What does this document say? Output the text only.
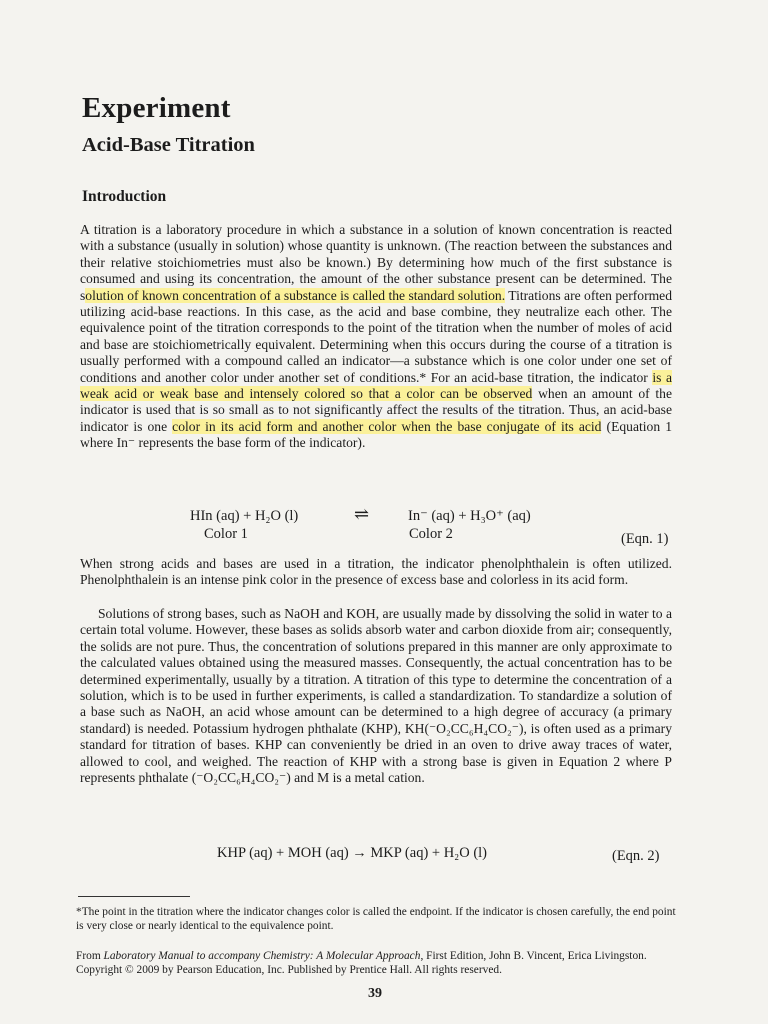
Experiment
Acid-Base Titration
Introduction

A titration is a laboratory procedure in which a substance in a solution of known concentration is reacted with a substance (usually in solution) whose quantity is unknown. (The reaction between the substances and their relative stoichiometries must also be known.) By determining how much of the first substance is consumed and using its concentration, the amount of the other substance present can be determined. The solution of known concentration of a substance is called the standard solution. Titrations are often performed utilizing acid-base reactions. In this case, as the acid and base combine, they neutralize each other. The equivalence point of the titration corresponds to the point of the titration when the number of moles of acid and base are stoichiometrically equivalent. Determining when this occurs during the course of a titration is usually performed with a compound called an indicator—a substance which is one color under one set of conditions and another color under another set of conditions.* For an acid-base titration, the indicator is a weak acid or weak base and intensely colored so that a color can be observed when an amount of the indicator is used that is so small as to not significantly affect the results of the titration. Thus, an acid-base indicator is one color in its acid form and another color when the base conjugate of its acid (Equation 1 where In⁻ represents the base form of the indicator).

HIn (aq) + H₂O (l)	⇌	In⁻ (aq) + H₃O⁺ (aq)
Color 1	Color 2	(Eqn. 1)

When strong acids and bases are used in a titration, the indicator phenolphthalein is often utilized. Phenolphthalein is an intense pink color in the presence of excess base and colorless in its acid form.

Solutions of strong bases, such as NaOH and KOH, are usually made by dissolving the solid in water to a certain total volume. However, these bases as solids absorb water and carbon dioxide from air; consequently, the solids are not pure. Thus, the concentration of solutions prepared in this manner are only approximate to the calculated values obtained using the measured masses. Consequently, the actual concentration has to be determined experimentally, usually by a titration. A titration of this type to determine the concentration of a solution, which is to be used in further experiments, is called a standardization. To standardize a solution of a base such as NaOH, an acid whose amount can be determined to a high degree of accuracy (a primary standard) is needed. Potassium hydrogen phthalate (KHP), KH(⁻O₂CC₆H₄CO₂⁻), is often used as a primary standard for titration of bases. KHP can conveniently be dried in an oven to drive away traces of water, allowed to cool, and weighed. The reaction of KHP with a strong base is given in Equation 2 where P represents phthalate (⁻O₂CC₆H₄CO₂⁻) and M is a metal cation.

KHP (aq) + MOH (aq) → MKP (aq) + H₂O (l)	(Eqn. 2)
*The point in the titration where the indicator changes color is called the endpoint. If the indicator is chosen carefully, the end point is very close or nearly identical to the equivalence point.
From Laboratory Manual to accompany Chemistry: A Molecular Approach, First Edition, John B. Vincent, Erica Livingston.
Copyright © 2009 by Pearson Education, Inc. Published by Prentice Hall. All rights reserved.
39
